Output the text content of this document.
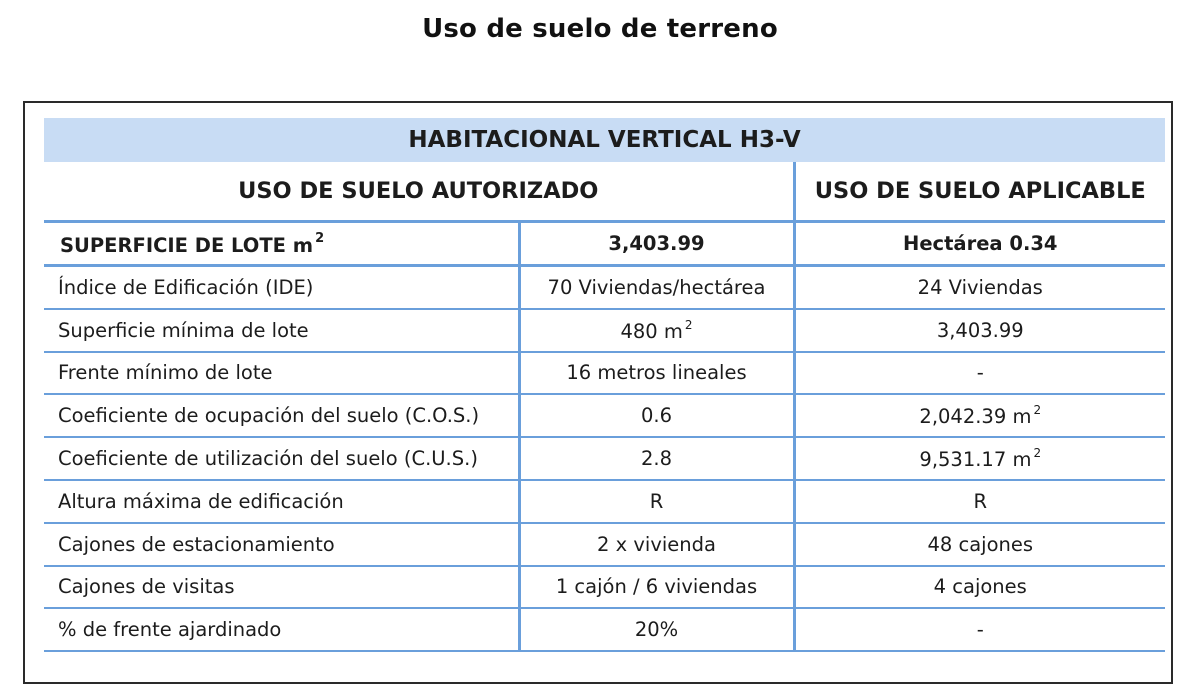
Uso de suelo de terreno
HABITACIONAL VERTICAL H3-V		
USO DE SUELO AUTORIZADO		USO DE SUELO APLICABLE
SUPERFICIE DE LOTE m $^2$	3,403.99	Hectárea 0.34
Índice de Edificación (IDE)	70 Viviendas/hectárea	24 Viviendas
Superficie mínima de lote	480 m $^2$	3,403.99
Frente mínimo de lote	16 metros lineales	-
Coeficiente de ocupación del suelo (C.O.S.)	0.6	2,042.39 m $^2$
Coeficiente de utilización del suelo (C.U.S.)	2.8	9,531.17 m $^2$
Altura máxima de edificación	R	R
Cajones de estacionamiento	2 x vivienda	48 cajones
Cajones de visitas	1 cajón / 6 viviendas	4 cajones
% de frente ajardinado	20%	-
